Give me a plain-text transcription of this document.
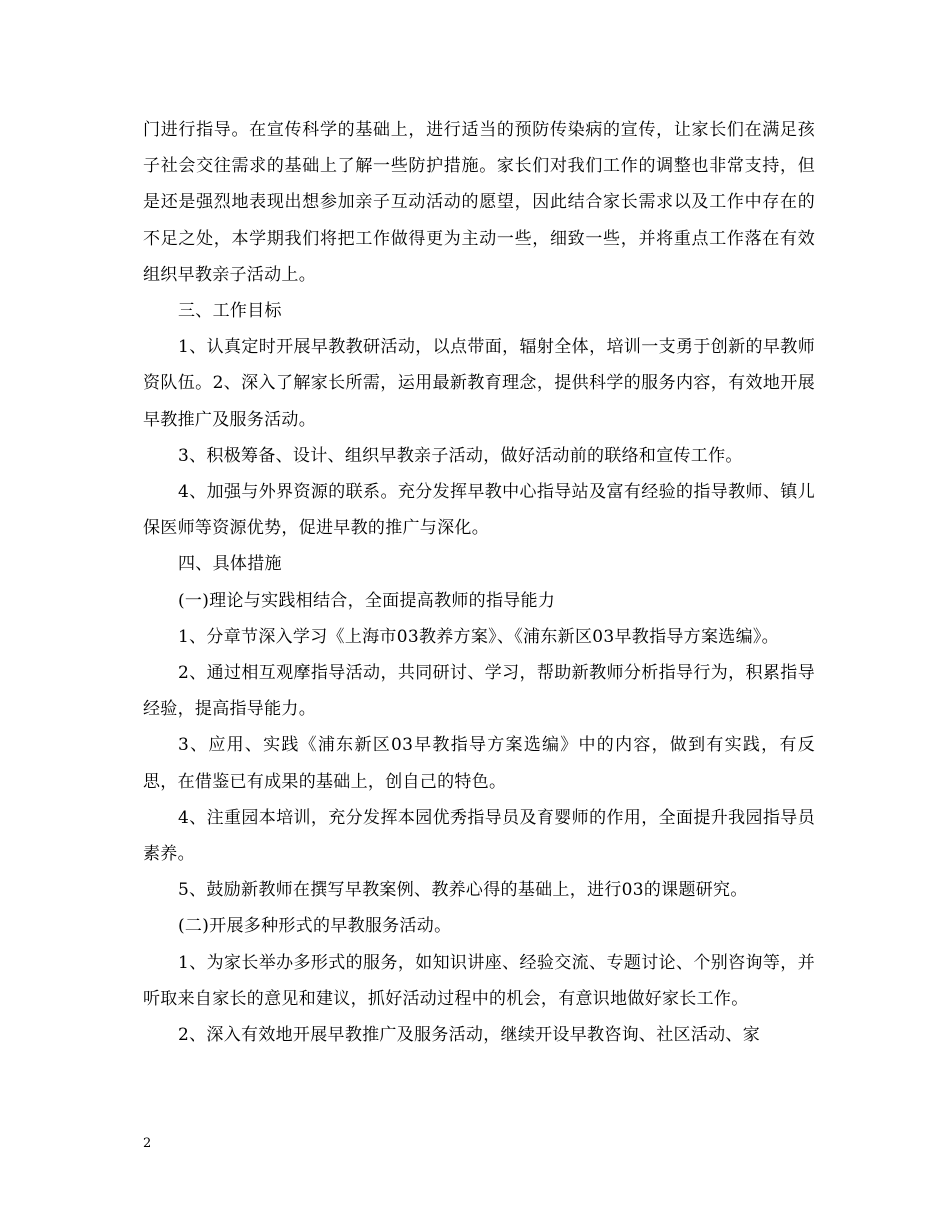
门进行指导。在宣传科学的基础上，进行适当的预防传染病的宣传，让家长们在满足孩子社会交往需求的基础上了解一些防护措施。家长们对我们工作的调整也非常支持，但是还是强烈地表现出想参加亲子互动活动的愿望，因此结合家长需求以及工作中存在的不足之处，本学期我们将把工作做得更为主动一些，细致一些，并将重点工作落在有效组织早教亲子活动上。

三、工作目标

1、认真定时开展早教教研活动，以点带面，辐射全体，培训一支勇于创新的早教师资队伍。2、深入了解家长所需，运用最新教育理念，提供科学的服务内容，有效地开展早教推广及服务活动。

3、积极筹备、设计、组织早教亲子活动，做好活动前的联络和宣传工作。

4、加强与外界资源的联系。充分发挥早教中心指导站及富有经验的指导教师、镇儿保医师等资源优势，促进早教的推广与深化。

四、具体措施

(一)理论与实践相结合，全面提高教师的指导能力

1、分章节深入学习《上海市03教养方案》、《浦东新区03早教指导方案选编》。

2、通过相互观摩指导活动，共同研讨、学习，帮助新教师分析指导行为，积累指导经验，提高指导能力。

3、应用、实践《浦东新区03早教指导方案选编》中的内容，做到有实践，有反思，在借鉴已有成果的基础上，创自己的特色。

4、注重园本培训，充分发挥本园优秀指导员及育婴师的作用，全面提升我园指导员素养。

5、鼓励新教师在撰写早教案例、教养心得的基础上，进行03的课题研究。

(二)开展多种形式的早教服务活动。

1、为家长举办多形式的服务，如知识讲座、经验交流、专题讨论、个别咨询等，并听取来自家长的意见和建议，抓好活动过程中的机会，有意识地做好家长工作。

2、深入有效地开展早教推广及服务活动，继续开设早教咨询、社区活动、家

2
